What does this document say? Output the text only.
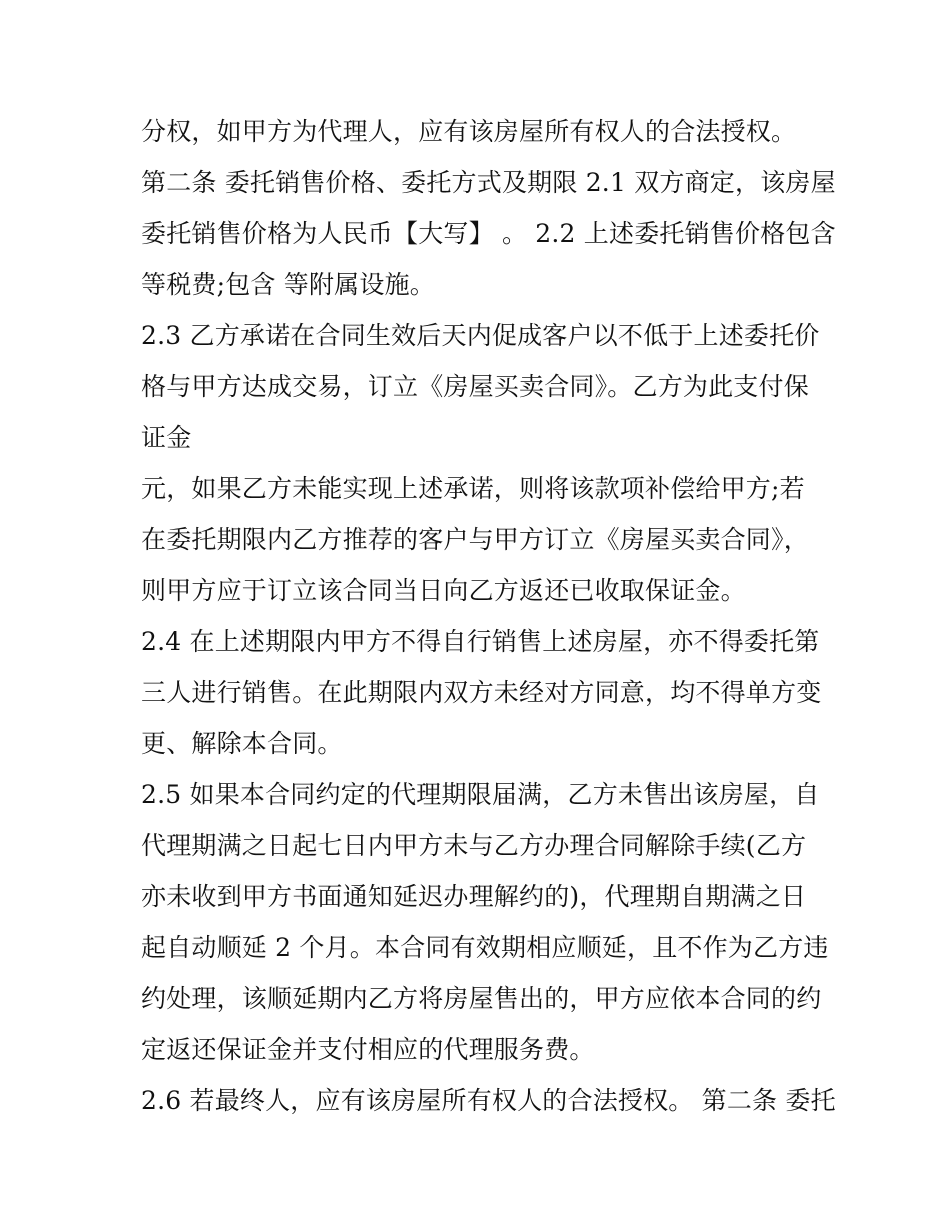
分权，如甲方为代理人，应有该房屋所有权人的合法授权。
第二条 委托销售价格、委托方式及期限 2.1 双方商定，该房屋
委托销售价格为人民币【大写】 。 2.2 上述委托销售价格包含
等税费;包含 等附属设施。
2.3 乙方承诺在合同生效后天内促成客户以不低于上述委托价
格与甲方达成交易，订立《房屋买卖合同》。乙方为此支付保
证金
元，如果乙方未能实现上述承诺，则将该款项补偿给甲方;若
在委托期限内乙方推荐的客户与甲方订立《房屋买卖合同》，
则甲方应于订立该合同当日向乙方返还已收取保证金。
2.4 在上述期限内甲方不得自行销售上述房屋，亦不得委托第
三人进行销售。在此期限内双方未经对方同意，均不得单方变
更、解除本合同。
2.5 如果本合同约定的代理期限届满，乙方未售出该房屋，自
代理期满之日起七日内甲方未与乙方办理合同解除手续(乙方
亦未收到甲方书面通知延迟办理解约的)，代理期自期满之日
起自动顺延 2 个月。本合同有效期相应顺延，且不作为乙方违
约处理，该顺延期内乙方将房屋售出的，甲方应依本合同的约
定返还保证金并支付相应的代理服务费。
2.6 若最终人，应有该房屋所有权人的合法授权。 第二条 委托
